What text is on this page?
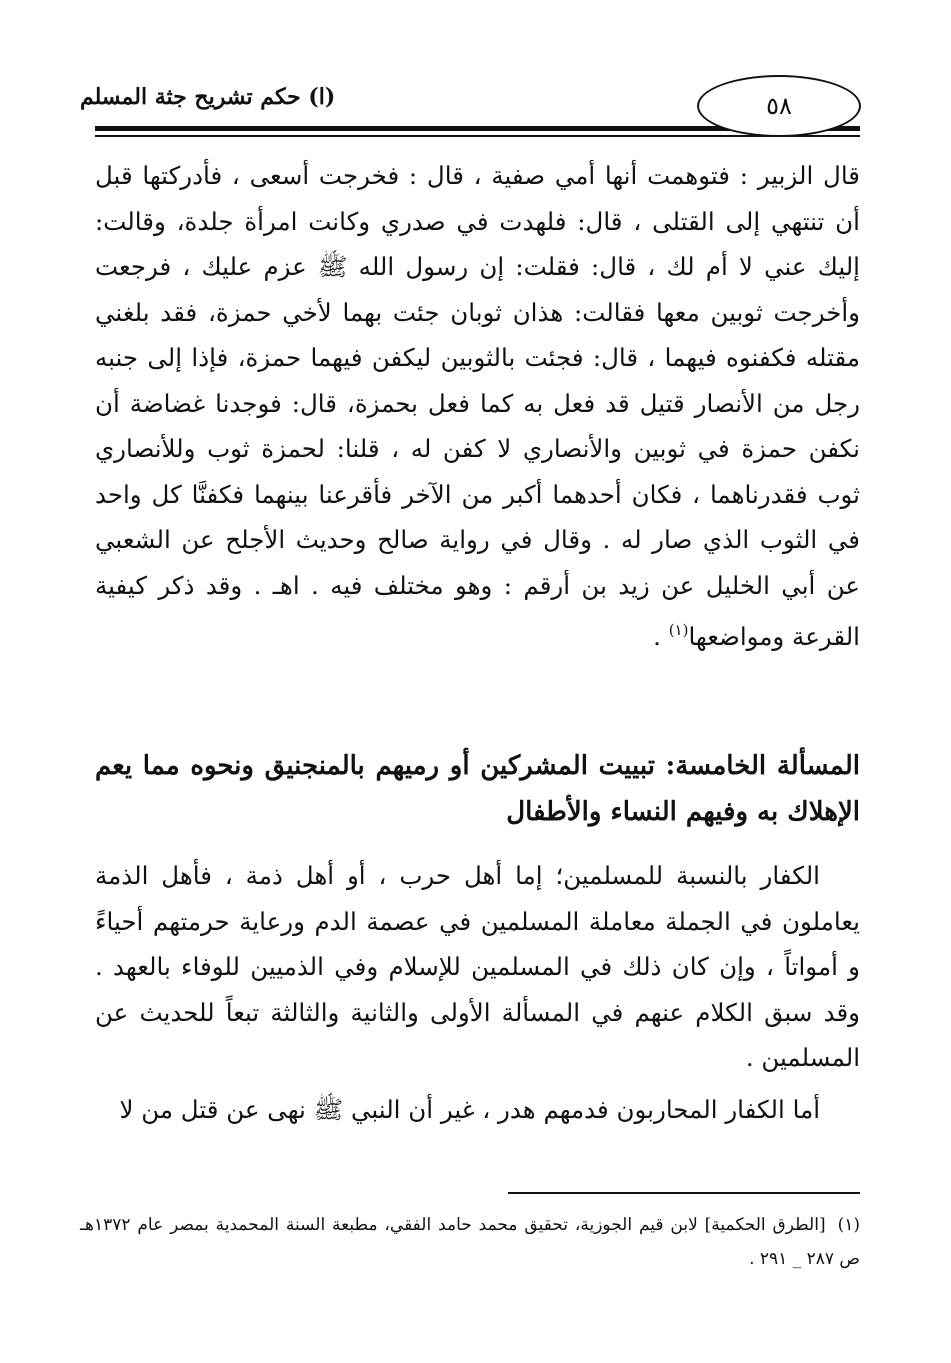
(ا) حكم تشريح جثة المسلم	٥٨

قال الزبير : فتوهمت أنها أمي صفية ، قال : فخرجت أسعى ، فأدركتها قبل أن تنتهي إلى القتلى ، قال: فلهدت في صدري وكانت امرأة جلدة، وقالت: إليك عني لا أم لك ، قال: فقلت: إن رسول الله ﷺ عزم عليك ، فرجعت وأخرجت ثوبين معها فقالت: هذان ثوبان جئت بهما لأخي حمزة، فقد بلغني مقتله فكفنوه فيهما ، قال: فجئت بالثوبين ليكفن فيهما حمزة، فإذا إلى جنبه رجل من الأنصار قتيل قد فعل به كما فعل بحمزة، قال: فوجدنا غضاضة أن نكفن حمزة في ثوبين والأنصاري لا كفن له ، قلنا: لحمزة ثوب وللأنصاري ثوب فقدرناهما ، فكان أحدهما أكبر من الآخر فأقرعنا بينهما فكفنَّا كل واحد في الثوب الذي صار له . وقال في رواية صالح وحديث الأجلح عن الشعبي عن أبي الخليل عن زيد بن أرقم : وهو مختلف فيه . اهـ . وقد ذكر كيفية القرعة ومواضعها$^{(١)}$ .

المسألة الخامسة: تبييت المشركين أو رميهم بالمنجنيق ونحوه مما يعم الإهلاك به وفيهم النساء والأطفال

الكفار بالنسبة للمسلمين؛ إما أهل حرب ، أو أهل ذمة ، فأهل الذمة يعاملون في الجملة معاملة المسلمين في عصمة الدم ورعاية حرمتهم أحياءً و أمواتاً ، وإن كان ذلك في المسلمين للإسلام وفي الذميين للوفاء بالعهد . وقد سبق الكلام عنهم في المسألة الأولى والثانية والثالثة تبعاً للحديث عن المسلمين .

أما الكفار المحاربون فدمهم هدر ، غير أن النبي ﷺ نهى عن قتل من لا

(١)[الطرق الحكمية] لابن قيم الجوزية، تحقيق محمد حامد الفقي، مطبعة السنة المحمدية بمصر عام ١٣٧٢هـ ص ٢٨٧ _ ٢٩١ .
